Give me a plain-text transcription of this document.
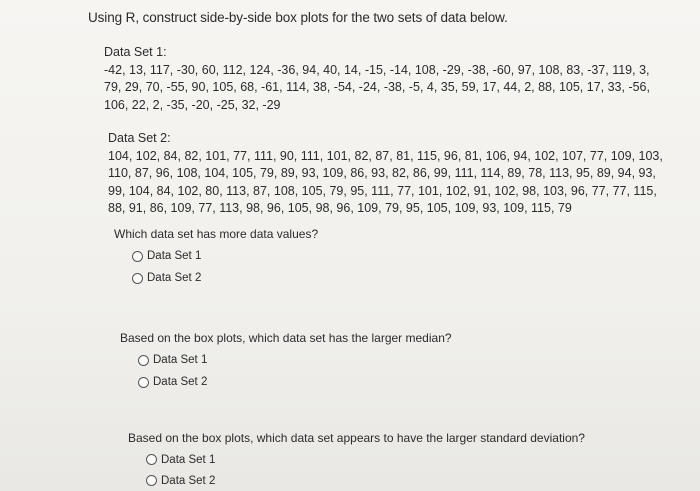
Using R, construct side-by-side box plots for the two sets of data below.
Data Set 1:
-42, 13, 117, -30, 60, 112, 124, -36, 94, 40, 14, -15, -14, 108, -29, -38, -60, 97, 108, 83, -37, 119, 3, 79, 29, 70, -55, 90, 105, 68, -61, 114, 38, -54, -24, -38, -5, 4, 35, 59, 17, 44, 2, 88, 105, 17, 33, -56, 106, 22, 2, -35, -20, -25, 32, -29
Data Set 2:
104, 102, 84, 82, 101, 77, 111, 90, 111, 101, 82, 87, 81, 115, 96, 81, 106, 94, 102, 107, 77, 109, 103, 110, 87, 96, 108, 104, 105, 79, 89, 93, 109, 86, 93, 82, 86, 99, 111, 114, 89, 78, 113, 95, 89, 94, 93, 99, 104, 84, 102, 80, 113, 87, 108, 105, 79, 95, 111, 77, 101, 102, 91, 102, 98, 103, 96, 77, 77, 115, 88, 91, 86, 109, 77, 113, 98, 96, 105, 98, 96, 109, 79, 95, 105, 109, 93, 109, 115, 79
Which data set has more data values?
Data Set 1
Data Set 2
Based on the box plots, which data set has the larger median?
Data Set 1
Data Set 2
Based on the box plots, which data set appears to have the larger standard deviation?
Data Set 1
Data Set 2
